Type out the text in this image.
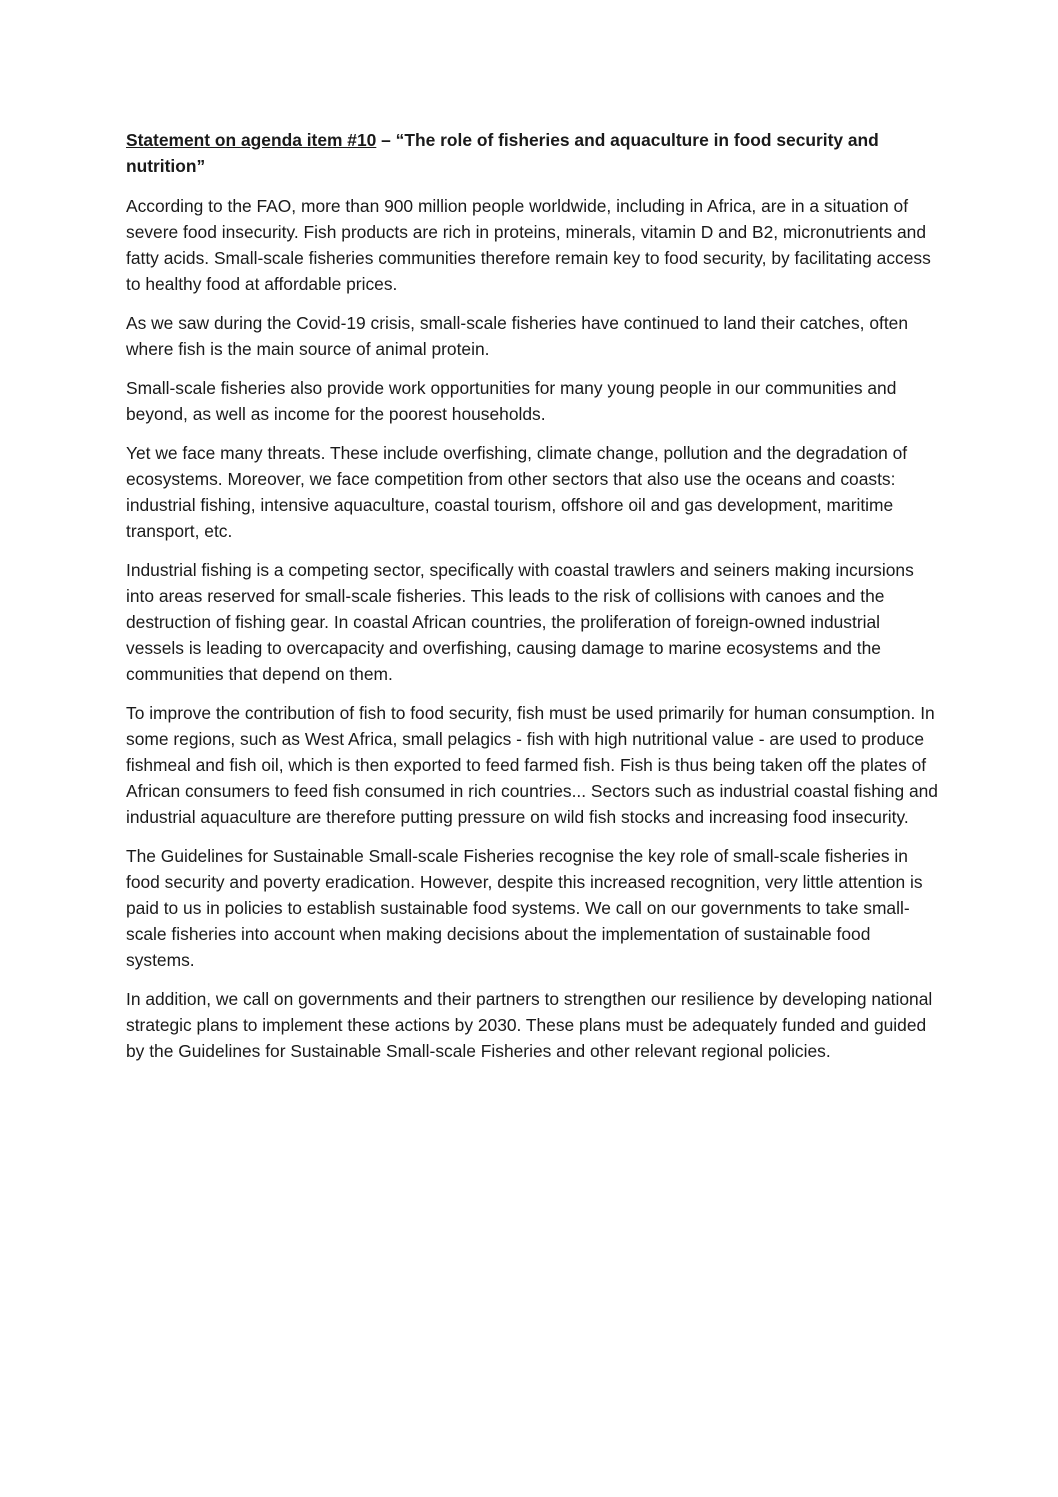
Statement on agenda item #10 – “The role of fisheries and aquaculture in food security and nutrition”

According to the FAO, more than 900 million people worldwide, including in Africa, are in a situation of severe food insecurity. Fish products are rich in proteins, minerals, vitamin D and B2, micronutrients and fatty acids. Small-scale fisheries communities therefore remain key to food security, by facilitating access to healthy food at affordable prices.

As we saw during the Covid-19 crisis, small-scale fisheries have continued to land their catches, often where fish is the main source of animal protein.

Small-scale fisheries also provide work opportunities for many young people in our communities and beyond, as well as income for the poorest households.

Yet we face many threats. These include overfishing, climate change, pollution and the degradation of ecosystems. Moreover, we face competition from other sectors that also use the oceans and coasts: industrial fishing, intensive aquaculture, coastal tourism, offshore oil and gas development, maritime transport, etc.

Industrial fishing is a competing sector, specifically with coastal trawlers and seiners making incursions into areas reserved for small-scale fisheries. This leads to the risk of collisions with canoes and the destruction of fishing gear. In coastal African countries, the proliferation of foreign-owned industrial vessels is leading to overcapacity and overfishing, causing damage to marine ecosystems and the communities that depend on them.

To improve the contribution of fish to food security, fish must be used primarily for human consumption. In some regions, such as West Africa, small pelagics - fish with high nutritional value - are used to produce fishmeal and fish oil, which is then exported to feed farmed fish. Fish is thus being taken off the plates of African consumers to feed fish consumed in rich countries... Sectors such as industrial coastal fishing and industrial aquaculture are therefore putting pressure on wild fish stocks and increasing food insecurity.

The Guidelines for Sustainable Small-scale Fisheries recognise the key role of small-scale fisheries in food security and poverty eradication. However, despite this increased recognition, very little attention is paid to us in policies to establish sustainable food systems. We call on our governments to take small-scale fisheries into account when making decisions about the implementation of sustainable food systems.

In addition, we call on governments and their partners to strengthen our resilience by developing national strategic plans to implement these actions by 2030. These plans must be adequately funded and guided by the Guidelines for Sustainable Small-scale Fisheries and other relevant regional policies.
